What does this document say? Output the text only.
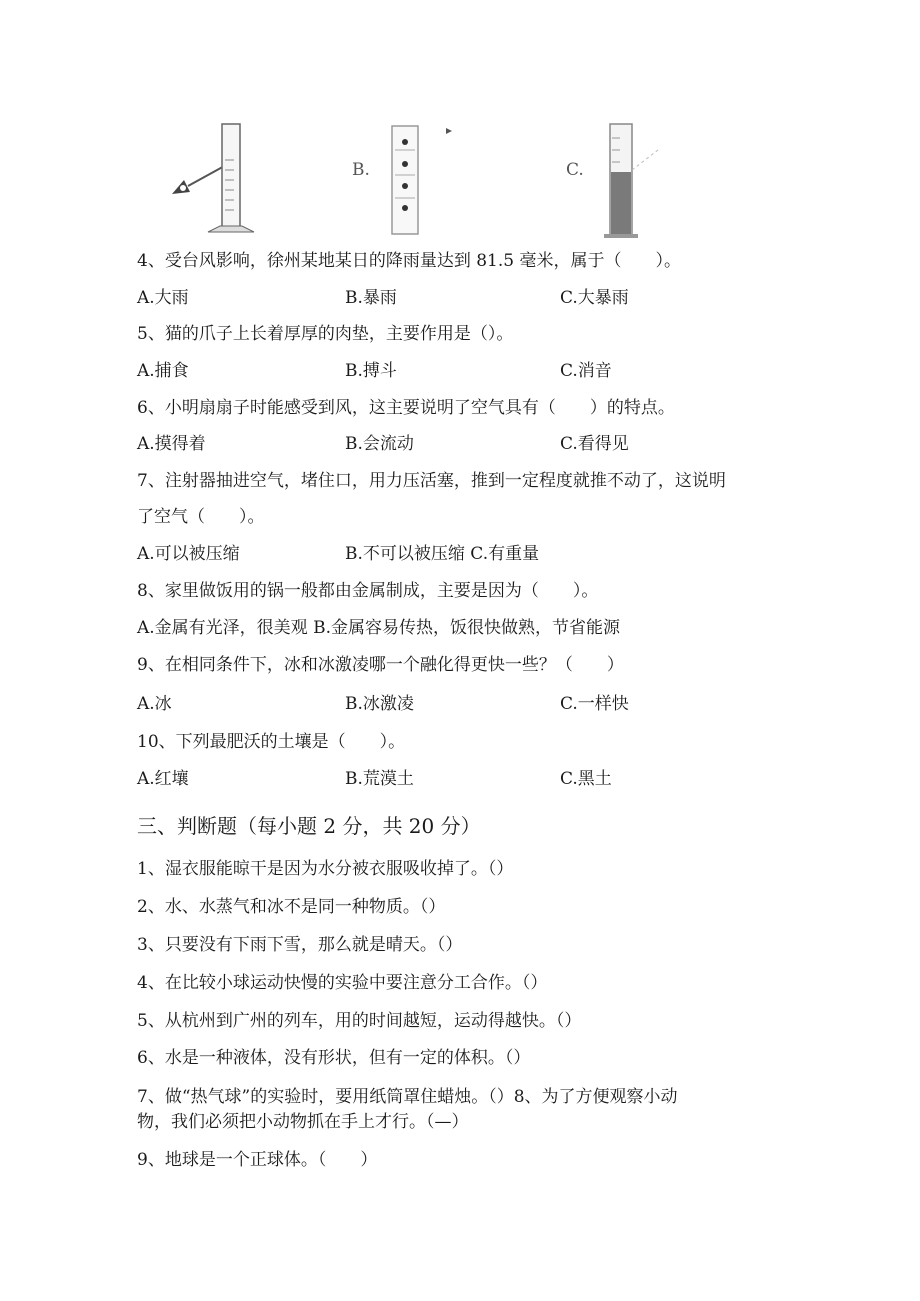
B.	C.
4、受台风影响，徐州某地某日的降雨量达到 81.5 毫米，属于（　　）。
A.大雨	B.暴雨	C.大暴雨
5、猫的爪子上长着厚厚的肉垫，主要作用是（）。
A.捕食	B.搏斗	C.消音
6、小明扇扇子时能感受到风，这主要说明了空气具有（　　）的特点。
A.摸得着	B.会流动	C.看得见
7、注射器抽进空气，堵住口，用力压活塞，推到一定程度就推不动了，这说明
了空气（　　）。
A.可以被压缩	B.不可以被压缩 C.有重量
8、家里做饭用的锅一般都由金属制成，主要是因为（　　）。
A.金属有光泽，很美观 B.金属容易传热，饭很快做熟，节省能源
9、在相同条件下，冰和冰激凌哪一个融化得更快一些？（　　）
A.冰	B.冰激凌	C.一样快
10、下列最肥沃的土壤是（　　）。
A.红壤	B.荒漠土	C.黑土
三、判断题（每小题 2 分，共 20 分）
1、湿衣服能晾干是因为水分被衣服吸收掉了。（）
2、水、水蒸气和冰不是同一种物质。（）
3、只要没有下雨下雪，那么就是晴天。（）
4、在比较小球运动快慢的实验中要注意分工合作。（）
5、从杭州到广州的列车，用的时间越短，运动得越快。（）
6、水是一种液体，没有形状，但有一定的体积。（）
7、做“热气球”的实验时，要用纸筒罩住蜡烛。（）8、为了方便观察小动
物，我们必须把小动物抓在手上才行。（—）
9、地球是一个正球体。（　　）
